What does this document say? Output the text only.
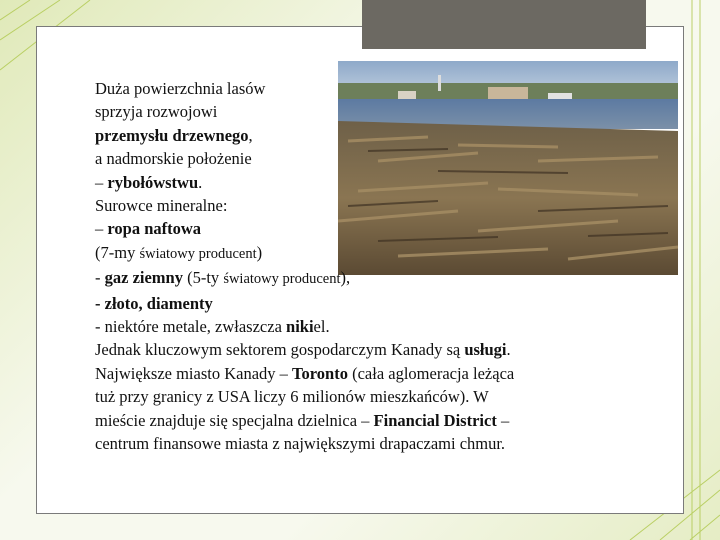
Duża powierzchnia lasów
sprzyja rozwojowi
przemysłu drzewnego,
a nadmorskie położenie
– rybołówstwu.
Surowce mineralne:
– ropa naftowa
(7-my światowy producent)
- gaz ziemny (5-ty światowy producent),
- złoto, diamenty
- niektóre metale, zwłaszcza nikiel.
Jednak kluczowym sektorem gospodarczym Kanady są usługi.
Największe miasto Kanady – Toronto (cała aglomeracja leżąca
tuż przy granicy z USA liczy 6 milionów mieszkańców). W
mieście znajduje się specjalna dzielnica – Financial District –
centrum finansowe miasta z największymi drapaczami chmur.
